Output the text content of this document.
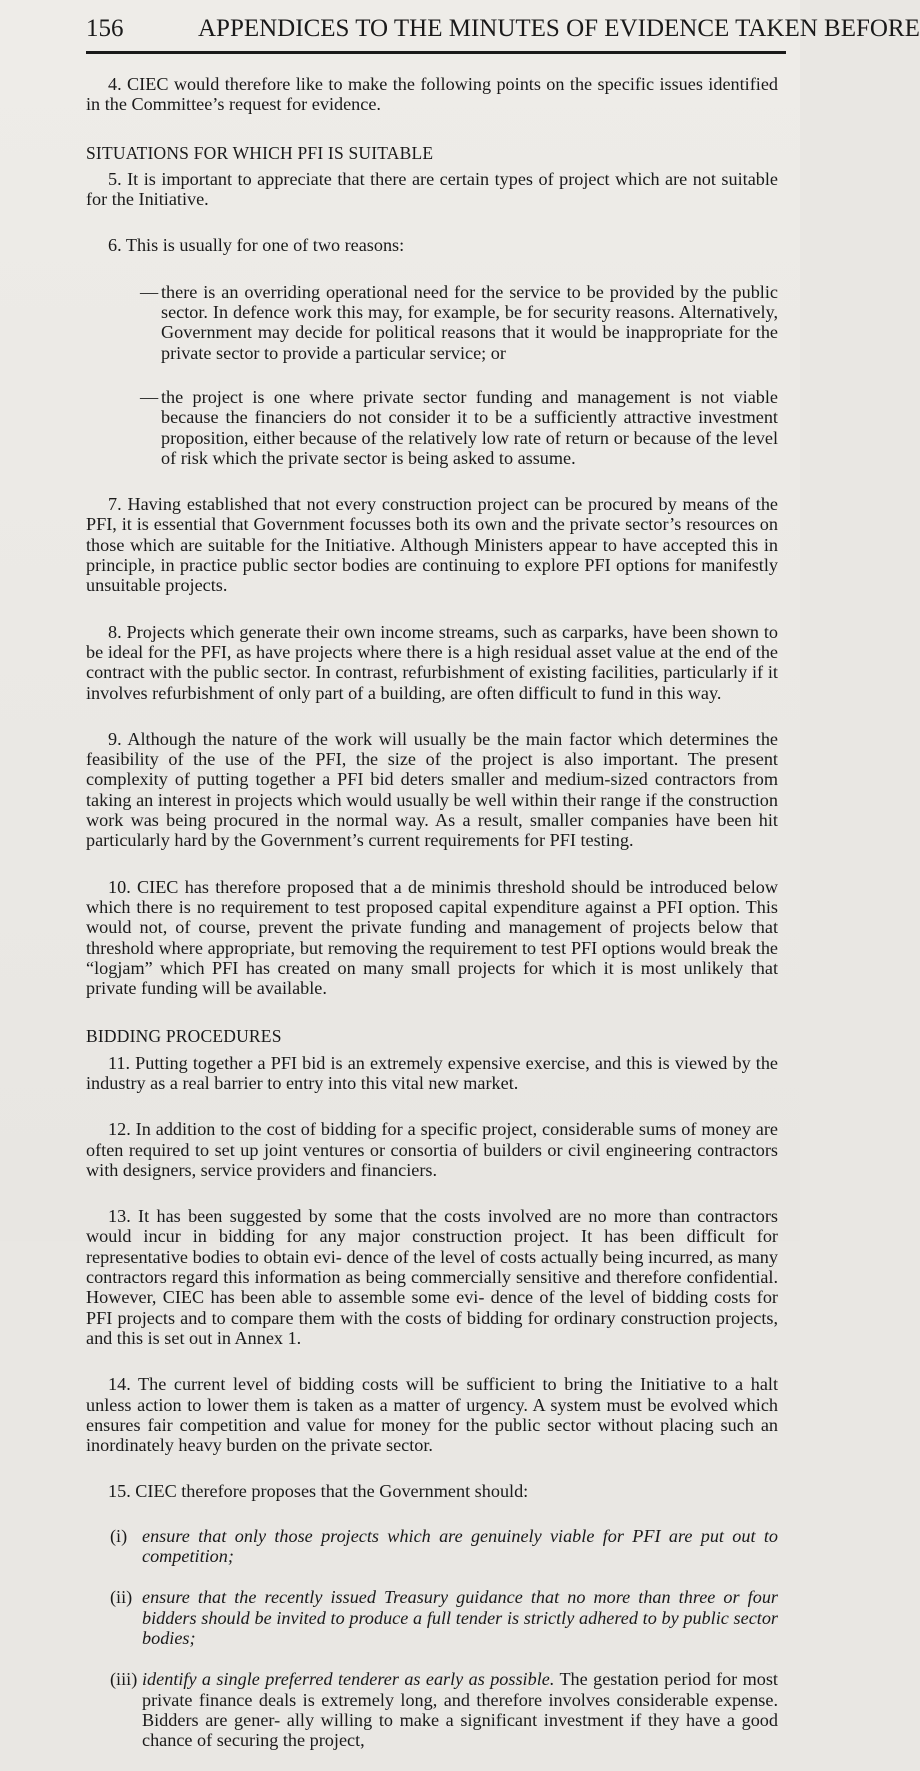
156	APPENDICES TO THE MINUTES OF EVIDENCE TAKEN BEFORE

4. CIEC would therefore like to make the following points on the specific issues identified in the Committee’s request for evidence.

SITUATIONS FOR WHICH PFI IS SUITABLE

5. It is important to appreciate that there are certain types of project which are not suitable for the Initiative.

6. This is usually for one of two reasons:

— there is an overriding operational need for the service to be provided by the public sector. In defence work this may, for example, be for security reasons. Alternatively, Government may decide for political reasons that it would be inappropriate for the private sector to provide a particular service; or
— the project is one where private sector funding and management is not viable because the financiers do not consider it to be a sufficiently attractive investment proposition, either because of the relatively low rate of return or because of the level of risk which the private sector is being asked to assume.

7. Having established that not every construction project can be procured by means of the PFI, it is essential that Government focusses both its own and the private sector’s resources on those which are suitable for the Initiative. Although Ministers appear to have accepted this in principle, in practice public sector bodies are continuing to explore PFI options for manifestly unsuitable projects.

8. Projects which generate their own income streams, such as carparks, have been shown to be ideal for the PFI, as have projects where there is a high residual asset value at the end of the contract with the public sector. In contrast, refurbishment of existing facilities, particularly if it involves refurbishment of only part of a building, are often difficult to fund in this way.

9. Although the nature of the work will usually be the main factor which determines the feasibility of the use of the PFI, the size of the project is also important. The present complexity of putting together a PFI bid deters smaller and medium-sized contractors from taking an interest in projects which would usually be well within their range if the construction work was being procured in the normal way. As a result, smaller companies have been hit particularly hard by the Government’s current requirements for PFI testing.

10. CIEC has therefore proposed that a de minimis threshold should be introduced below which there is no requirement to test proposed capital expenditure against a PFI option. This would not, of course, prevent the private funding and management of projects below that threshold where appropriate, but removing the requirement to test PFI options would break the “logjam” which PFI has created on many small projects for which it is most unlikely that private funding will be available.

BIDDING PROCEDURES

11. Putting together a PFI bid is an extremely expensive exercise, and this is viewed by the industry as a real barrier to entry into this vital new market.

12. In addition to the cost of bidding for a specific project, considerable sums of money are often required to set up joint ventures or consortia of builders or civil engineering contractors with designers, service providers and financiers.

13. It has been suggested by some that the costs involved are no more than contractors would incur in bidding for any major construction project. It has been difficult for representative bodies to obtain evi- dence of the level of costs actually being incurred, as many contractors regard this information as being commercially sensitive and therefore confidential. However, CIEC has been able to assemble some evi- dence of the level of bidding costs for PFI projects and to compare them with the costs of bidding for ordinary construction projects, and this is set out in Annex 1.

14. The current level of bidding costs will be sufficient to bring the Initiative to a halt unless action to lower them is taken as a matter of urgency. A system must be evolved which ensures fair competition and value for money for the public sector without placing such an inordinately heavy burden on the private sector.

15. CIEC therefore proposes that the Government should:

(i) ensure that only those projects which are genuinely viable for PFI are put out to competition;
(ii) ensure that the recently issued Treasury guidance that no more than three or four bidders should be invited to produce a full tender is strictly adhered to by public sector bodies;
(iii) identify a single preferred tenderer as early as possible. The gestation period for most private finance deals is extremely long, and therefore involves considerable expense. Bidders are gener- ally willing to make a significant investment if they have a good chance of securing the project,
